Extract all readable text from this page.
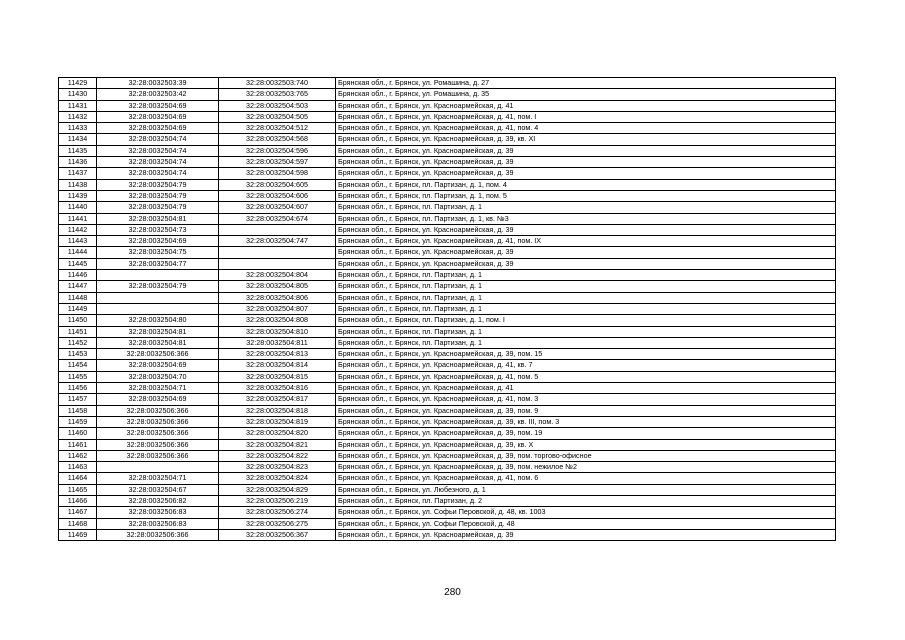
11429	32:28:0032503:39	32:28:0032503:740	Брянская обл., г. Брянск, ул. Ромашина, д. 27
11430	32:28:0032503:42	32:28:0032503:765	Брянская обл., г. Брянск, ул. Ромашина, д. 35
11431	32:28:0032504:69	32:28:0032504:503	Брянская обл., г. Брянск, ул. Красноармейская, д. 41
11432	32:28:0032504:69	32:28:0032504:505	Брянская обл., г. Брянск, ул. Красноармейская, д. 41, пом. I
11433	32:28:0032504:69	32:28:0032504:512	Брянская обл., г. Брянск, ул. Красноармейская, д. 41, пом. 4
11434	32:28:0032504:74	32:28:0032504:568	Брянская обл., г. Брянск, ул. Красноармейская, д. 39, кв. XI
11435	32:28:0032504:74	32:28:0032504:596	Брянская обл., г. Брянск, ул. Красноармейская, д. 39
11436	32:28:0032504:74	32:28:0032504:597	Брянская обл., г. Брянск, ул. Красноармейская, д. 39
11437	32:28:0032504:74	32:28:0032504:598	Брянская обл., г. Брянск, ул. Красноармейская, д. 39
11438	32:28:0032504:79	32:28:0032504:605	Брянская обл., г. Брянск, пл. Партизан, д. 1, пом. 4
11439	32:28:0032504:79	32:28:0032504:606	Брянская обл., г. Брянск, пл. Партизан, д. 1, пом. 5
11440	32:28:0032504:79	32:28:0032504:607	Брянская обл., г. Брянск, пл. Партизан, д. 1
11441	32:28:0032504:81	32:28:0032504:674	Брянская обл., г. Брянск, пл. Партизан, д. 1, кв. №3
11442	32:28:0032504:73		Брянская обл., г. Брянск, ул. Красноармейская, д. 39
11443	32:28:0032504:69	32:28:0032504:747	Брянская обл., г. Брянск, ул. Красноармейская, д. 41, пом. IX
11444	32:28:0032504:75		Брянская обл., г. Брянск, ул. Красноармейская, д. 39
11445	32:28:0032504:77		Брянская обл., г. Брянск, ул. Красноармейская, д. 39
11446		32:28:0032504:804	Брянская обл., г. Брянск, пл. Партизан, д. 1
11447	32:28:0032504:79	32:28:0032504:805	Брянская обл., г. Брянск, пл. Партизан, д. 1
11448		32:28:0032504:806	Брянская обл., г. Брянск, пл. Партизан, д. 1
11449		32:28:0032504:807	Брянская обл., г. Брянск, пл. Партизан, д. 1
11450	32:28:0032504:80	32:28:0032504:808	Брянская обл., г. Брянск, пл. Партизан, д. 1, пом. I
11451	32:28:0032504:81	32:28:0032504:810	Брянская обл., г. Брянск, пл. Партизан, д. 1
11452	32:28:0032504:81	32:28:0032504:811	Брянская обл., г. Брянск, пл. Партизан, д. 1
11453	32:28:0032506:366	32:28:0032504:813	Брянская обл., г. Брянск, ул. Красноармейская, д. 39, пом. 15
11454	32:28:0032504:69	32:28:0032504:814	Брянская обл., г. Брянск, ул. Красноармейская, д. 41, кв. 7
11455	32:28:0032504:70	32:28:0032504:815	Брянская обл., г. Брянск, ул. Красноармейская, д. 41, пом. 5
11456	32:28:0032504:71	32:28:0032504:816	Брянская обл., г. Брянск, ул. Красноармейская, д. 41
11457	32:28:0032504:69	32:28:0032504:817	Брянская обл., г. Брянск, ул. Красноармейская, д. 41, пом. 3
11458	32:28:0032506:366	32:28:0032504:818	Брянская обл., г. Брянск, ул. Красноармейская, д. 39, пом. 9
11459	32:28:0032506:366	32:28:0032504:819	Брянская обл., г. Брянск, ул. Красноармейская, д. 39, кв. III, пом. 3
11460	32:28:0032506:366	32:28:0032504:820	Брянская обл., г. Брянск, ул. Красноармейская, д. 39, пом. 19
11461	32:28:0032506:366	32:28:0032504:821	Брянская обл., г. Брянск, ул. Красноармейская, д. 39, кв. X
11462	32:28:0032506:366	32:28:0032504:822	Брянская обл., г. Брянск, ул. Красноармейская, д. 39, пом. торгово-офисное
11463		32:28:0032504:823	Брянская обл., г. Брянск, ул. Красноармейская, д. 39, пом. нежилое №2
11464	32:28:0032504:71	32:28:0032504:824	Брянская обл., г. Брянск, ул. Красноармейская, д. 41, пом. 6
11465	32:28:0032504:67	32:28:0032504:829	Брянская обл., г. Брянск, ул. Любезного, д. 1
11466	32:28:0032506:82	32:28:0032506:219	Брянская обл., г. Брянск, пл. Партизан, д. 2
11467	32:28:0032506:83	32:28:0032506:274	Брянская обл., г. Брянск, ул. Софьи Перовской, д. 48, кв. 1003
11468	32:28:0032506:83	32:28:0032506:275	Брянская обл., г. Брянск, ул. Софьи Перовской, д. 48
11469	32:28:0032506:366	32:28:0032506:367	Брянская обл., г. Брянск, ул. Красноармейская, д. 39
280
